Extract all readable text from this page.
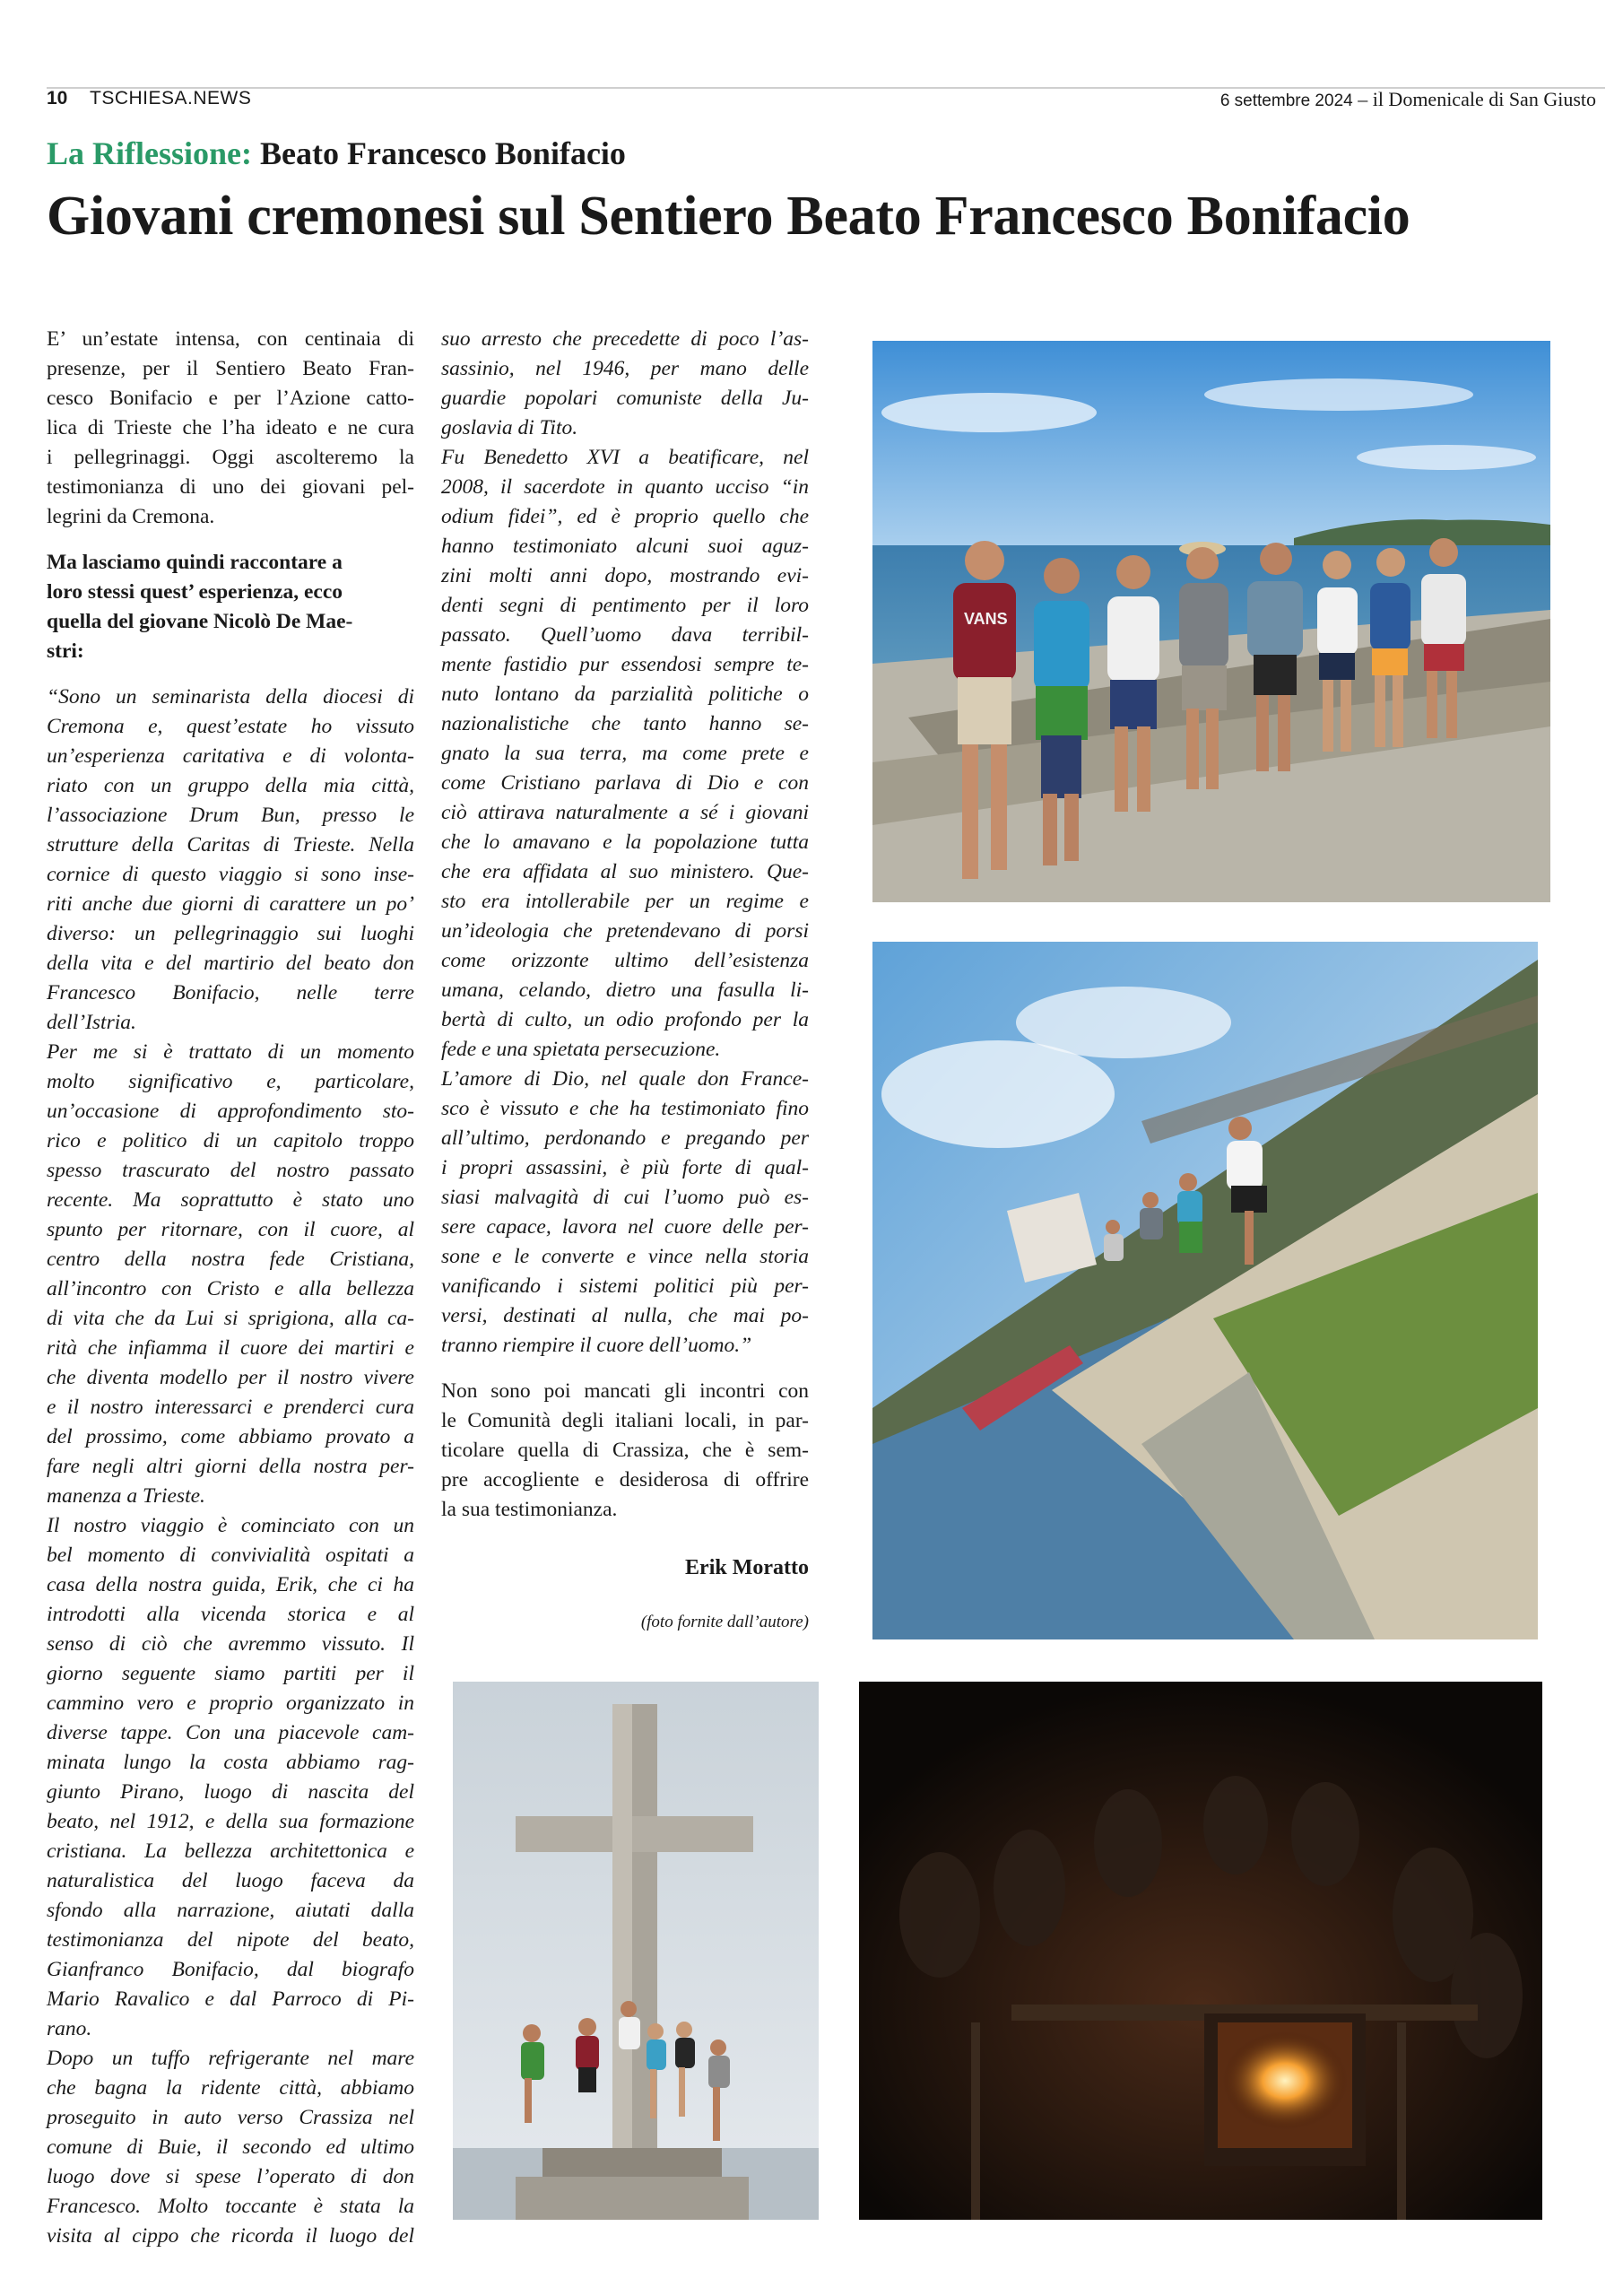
10 TSCHIESA.NEWS	6 settembre 2024 – il Domenicale di San Giusto
La Riflessione: Beato Francesco Bonifacio
Giovani cremonesi sul Sentiero Beato Francesco Bonifacio
E’ un’estate intensa, con centinaia di
presenze, per il Sentiero Beato Fran-
cesco Bonifacio e per l’Azione catto-
lica di Trieste che l’ha ideato e ne cura
i pellegrinaggi. Oggi ascolteremo la
testimonianza di uno dei giovani pel-
legrini da Cremona.
Ma lasciamo quindi raccontare a
loro stessi quest’ esperienza, ecco
quella del giovane Nicolò De Mae-
stri:
“Sono un seminarista della diocesi di
Cremona e, quest’estate ho vissuto
un’esperienza caritativa e di volonta-
riato con un gruppo della mia città,
l’associazione Drum Bun, presso le
strutture della Caritas di Trieste. Nella
cornice di questo viaggio si sono inse-
riti anche due giorni di carattere un po’
diverso: un pellegrinaggio sui luoghi
della vita e del martirio del beato don
Francesco Bonifacio, nelle terre
dell’Istria.
Per me si è trattato di un momento
molto significativo e, particolare,
un’occasione di approfondimento sto-
rico e politico di un capitolo troppo
spesso trascurato del nostro passato
recente. Ma soprattutto è stato uno
spunto per ritornare, con il cuore, al
centro della nostra fede Cristiana,
all’incontro con Cristo e alla bellezza
di vita che da Lui si sprigiona, alla ca-
rità che infiamma il cuore dei martiri e
che diventa modello per il nostro vivere
e il nostro interessarci e prenderci cura
del prossimo, come abbiamo provato a
fare negli altri giorni della nostra per-
manenza a Trieste.
Il nostro viaggio è cominciato con un
bel momento di convivialità ospitati a
casa della nostra guida, Erik, che ci ha
introdotti alla vicenda storica e al
senso di ciò che avremmo vissuto. Il
giorno seguente siamo partiti per il
cammino vero e proprio organizzato in
diverse tappe. Con una piacevole cam-
minata lungo la costa abbiamo rag-
giunto Pirano, luogo di nascita del
beato, nel 1912, e della sua formazione
cristiana. La bellezza architettonica e
naturalistica del luogo faceva da
sfondo alla narrazione, aiutati dalla
testimonianza del nipote del beato,
Gianfranco Bonifacio, dal biografo
Mario Ravalico e dal Parroco di Pi-
rano.
Dopo un tuffo refrigerante nel mare
che bagna la ridente città, abbiamo
proseguito in auto verso Crassiza nel
comune di Buie, il secondo ed ultimo
luogo dove si spese l’operato di don
Francesco. Molto toccante è stata la
visita al cippo che ricorda il luogo del
suo arresto che precedette di poco l’as-
sassinio, nel 1946, per mano delle
guardie popolari comuniste della Ju-
goslavia di Tito.
Fu Benedetto XVI a beatificare, nel
2008, il sacerdote in quanto ucciso “in
odium fidei”, ed è proprio quello che
hanno testimoniato alcuni suoi aguz-
zini molti anni dopo, mostrando evi-
denti segni di pentimento per il loro
passato. Quell’uomo dava terribil-
mente fastidio pur essendosi sempre te-
nuto lontano da parzialità politiche o
nazionalistiche che tanto hanno se-
gnato la sua terra, ma come prete e
come Cristiano parlava di Dio e con
ciò attirava naturalmente a sé i giovani
che lo amavano e la popolazione tutta
che era affidata al suo ministero. Que-
sto era intollerabile per un regime e
un’ideologia che pretendevano di porsi
come orizzonte ultimo dell’esistenza
umana, celando, dietro una fasulla li-
bertà di culto, un odio profondo per la
fede e una spietata persecuzione.
L’amore di Dio, nel quale don France-
sco è vissuto e che ha testimoniato fino
all’ultimo, perdonando e pregando per
i propri assassini, è più forte di qual-
siasi malvagità di cui l’uomo può es-
sere capace, lavora nel cuore delle per-
sone e le converte e vince nella storia
vanificando i sistemi politici più per-
versi, destinati al nulla, che mai po-
tranno riempire il cuore dell’uomo.”
Non sono poi mancati gli incontri con
le Comunità degli italiani locali, in par-
ticolare quella di Crassiza, che è sem-
pre accogliente e desiderosa di offrire
la sua testimonianza.
Erik Moratto
(foto fornite dall’autore)
VANS
